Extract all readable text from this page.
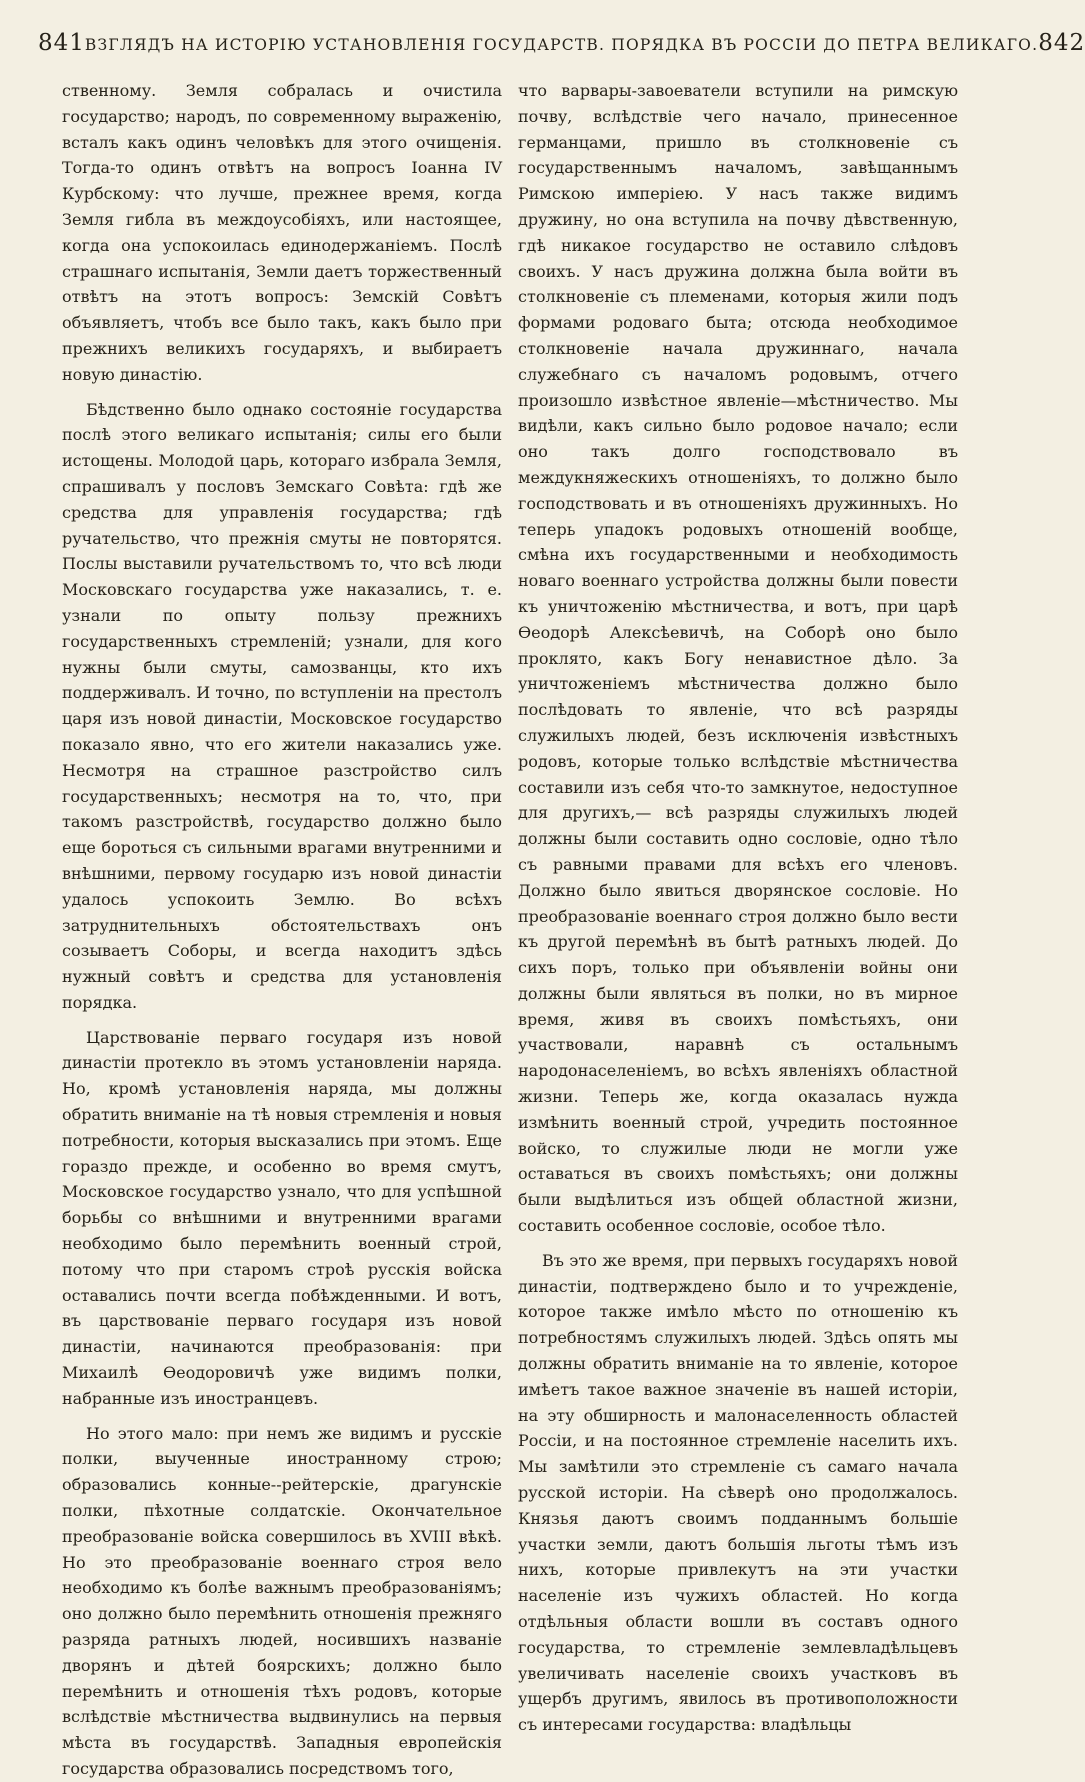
841 ВЗГЛЯДЪ НА ИСТОРІЮ УСТАНОВЛЕНІЯ ГОСУДАРСТВ. ПОРЯДКА ВЪ РОССІИ ДО ПЕТРА ВЕЛИКАГО. 842

ственному. Земля собралась и очистила государство; народъ, по современному выраженію, всталъ какъ одинъ человѣкъ для этого очищенія. Тогда-то одинъ отвѣтъ на вопросъ Іоанна IV Курбскому: что лучше, прежнее время, когда Земля гибла въ междоусобіяхъ, или настоящее, когда она успокоилась единодержаніемъ. Послѣ страшнаго испытанія, Земли даетъ торжественный отвѣтъ на этотъ вопросъ: Земскій Совѣтъ объявляетъ, чтобъ все было такъ, какъ было при прежнихъ великихъ государяхъ, и выбираетъ новую династію.

Бѣдственно было однако состояніе государства послѣ этого великаго испытанія; силы его были истощены. Молодой царь, котораго избрала Земля, спрашивалъ у пословъ Земскаго Совѣта: гдѣ же средства для управленія государства; гдѣ ручательство, что прежнія смуты не повторятся. Послы выставили ручательствомъ то, что всѣ люди Московскаго государства уже наказались, т. е. узнали по опыту пользу прежнихъ государственныхъ стремленій; узнали, для кого нужны были смуты, самозванцы, кто ихъ поддерживалъ. И точно, по вступленіи на престолъ царя изъ новой династіи, Московское государство показало явно, что его жители наказались уже. Несмотря на страшное разстройство силъ государственныхъ; несмотря на то, что, при такомъ разстройствѣ, государство должно было еще бороться съ сильными врагами внутренними и внѣшними, первому государю изъ новой династіи удалось успокоить Землю. Во всѣхъ затруднительныхъ обстоятельствахъ онъ созываетъ Соборы, и всегда находитъ здѣсь нужный совѣтъ и средства для установленія порядка.

Царствованіе перваго государя изъ новой династіи протекло въ этомъ установленіи наряда. Но, кромѣ установленія наряда, мы должны обратить вниманіе на тѣ новыя стремленія и новыя потребности, которыя высказались при этомъ. Еще гораздо прежде, и особенно во время смутъ, Московское государство узнало, что для успѣшной борьбы со внѣшними и внутренними врагами необходимо было перемѣнить военный строй, потому что при старомъ строѣ русскія войска оставались почти всегда побѣжденными. И вотъ, въ царствованіе перваго государя изъ новой династіи, начинаются преобразованія: при Михаилѣ Ѳеодоровичѣ уже видимъ полки, набранные изъ иностранцевъ.

Но этого мало: при немъ же видимъ и русскіе полки, выученные иностранному строю; образовались конные--рейтерскіе, драгунскіе полки, пѣхотные солдатскіе. Окончательное преобразованіе войска совершилось въ XVIII вѣкѣ. Но это преобразованіе военнаго строя вело необходимо къ болѣе важнымъ преобразованіямъ; оно должно было перемѣнить отношенія прежняго разряда ратныхъ людей, носившихъ названіе дворянъ и дѣтей боярскихъ; должно было перемѣнить и отношенія тѣхъ родовъ, которые вслѣдствіе мѣстничества выдвинулись на первыя мѣста въ государствѣ. Западныя европейскія государства образовались посредствомъ того,

что варвары-завоеватели вступили на римскую почву, вслѣдствіе чего начало, принесенное германцами, пришло въ столкновеніе съ государственнымъ началомъ, завѣщаннымъ Римскою имперіею. У насъ также видимъ дружину, но она вступила на почву дѣвственную, гдѣ никакое государство не оставило слѣдовъ своихъ. У насъ дружина должна была войти въ столкновеніе съ племенами, которыя жили подъ формами родоваго быта; отсюда необходимое столкновеніе начала дружиннаго, начала служебнаго съ началомъ родовымъ, отчего произошло извѣстное явленіе—мѣстничество. Мы видѣли, какъ сильно было родовое начало; если оно такъ долго господствовало въ междукняжескихъ отношеніяхъ, то должно было господствовать и въ отношеніяхъ дружинныхъ. Но теперь упадокъ родовыхъ отношеній вообще, смѣна ихъ государственными и необходимость новаго военнаго устройства должны были повести къ уничтоженію мѣстничества, и вотъ, при царѣ Ѳеодорѣ Алексѣевичѣ, на Соборѣ оно было проклято, какъ Богу ненавистное дѣло. За уничтоженіемъ мѣстничества должно было послѣдовать то явленіе, что всѣ разряды служилыхъ людей, безъ исключенія извѣстныхъ родовъ, которые только вслѣдствіе мѣстничества составили изъ себя что-то замкнутое, недоступное для другихъ,— всѣ разряды служилыхъ людей должны были составить одно сословіе, одно тѣло съ равными правами для всѣхъ его членовъ. Должно было явиться дворянское сословіе. Но преобразованіе военнаго строя должно было вести къ другой перемѣнѣ въ бытѣ ратныхъ людей. До сихъ поръ, только при объявленіи войны они должны были являться въ полки, но въ мирное время, живя въ своихъ помѣстьяхъ, они участвовали, наравнѣ съ остальнымъ народонаселеніемъ, во всѣхъ явленіяхъ областной жизни. Теперь же, когда оказалась нужда измѣнить военный строй, учредить постоянное войско, то служилые люди не могли уже оставаться въ своихъ помѣстьяхъ; они должны были выдѣлиться изъ общей областной жизни, составить особенное сословіе, особое тѣло.

Въ это же время, при первыхъ государяхъ новой династіи, подтверждено было и то учрежденіе, которое также имѣло мѣсто по отношенію къ потребностямъ служилыхъ людей. Здѣсь опять мы должны обратить вниманіе на то явленіе, которое имѣетъ такое важное значеніе въ нашей исторіи, на эту обширность и малонаселенность областей Россіи, и на постоянное стремленіе населить ихъ. Мы замѣтили это стремленіе съ самаго начала русской исторіи. На сѣверѣ оно продолжалось. Князья даютъ своимъ подданнымъ большіе участки земли, даютъ большія льготы тѣмъ изъ нихъ, которые привлекутъ на эти участки населеніе изъ чужихъ областей. Но когда отдѣльныя области вошли въ составъ одного государства, то стремленіе землевладѣльцевъ увеличивать населеніе своихъ участковъ въ ущербъ другимъ, явилось въ противоположности съ интересами государства: владѣльцы
